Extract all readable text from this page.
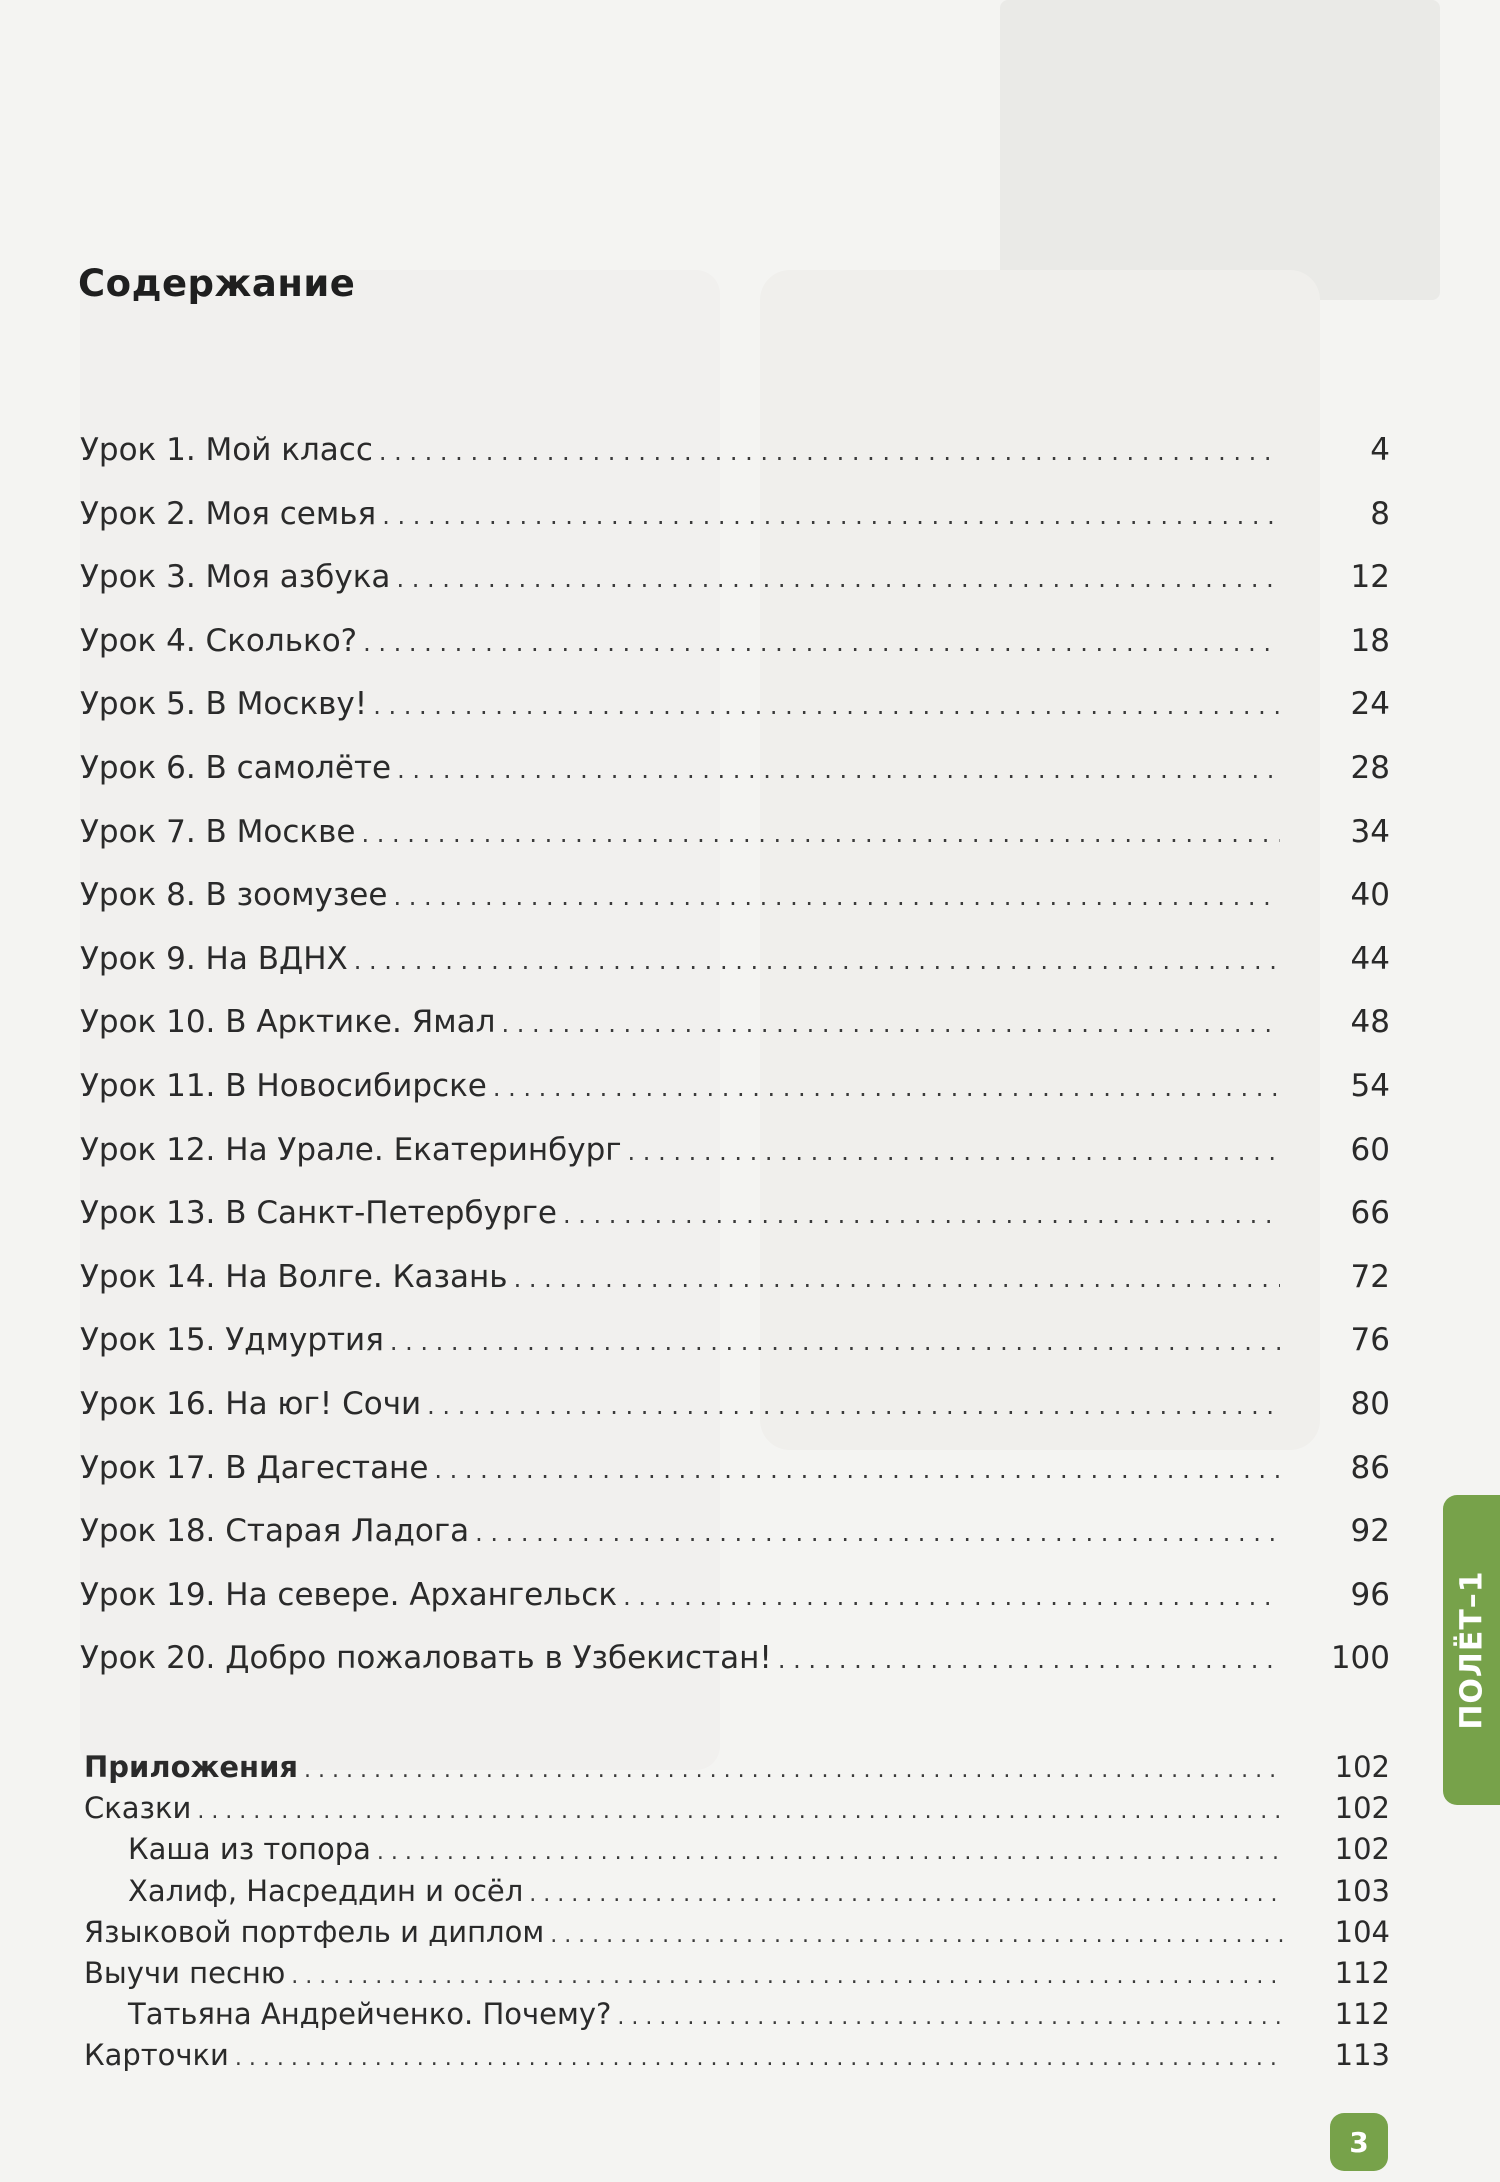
Содержание
Урок 1. Мой класс . . .	4
Урок 2. Моя семья . . .	8
Урок 3. Моя азбука . . .	12
Урок 4. Сколько? . . .	18
Урок 5. В Москву! . . .	24
Урок 6. В самолёте . . .	28
Урок 7. В Москве . . .	34
Урок 8. В зоомузее . . .	40
Урок 9. На ВДНХ . . .	44
Урок 10. В Арктике. Ямал . . .	48
Урок 11. В Новосибирске . . .	54
Урок 12. На Урале. Екатеринбург . . .	60
Урок 13. В Санкт-Петербурге . . .	66
Урок 14. На Волге. Казань . . .	72
Урок 15. Удмуртия . . .	76
Урок 16. На юг! Сочи . . .	80
Урок 17. В Дагестане . . .	86
Урок 18. Старая Ладога . . .	92
Урок 19. На севере. Архангельск . . .	96
Урок 20. Добро пожаловать в Узбекистан! . . .	100
Приложения . . .	102
Сказки . . .	102
Каша из топора . . .	102
Халиф, Насреддин и осёл . . .	103
Языковой портфель и диплом . . .	104
Выучи песню . . .	112
Татьяна Андрейченко. Почему? . . .	112
Карточки . . .	113
ПОЛЁТ–1
3
